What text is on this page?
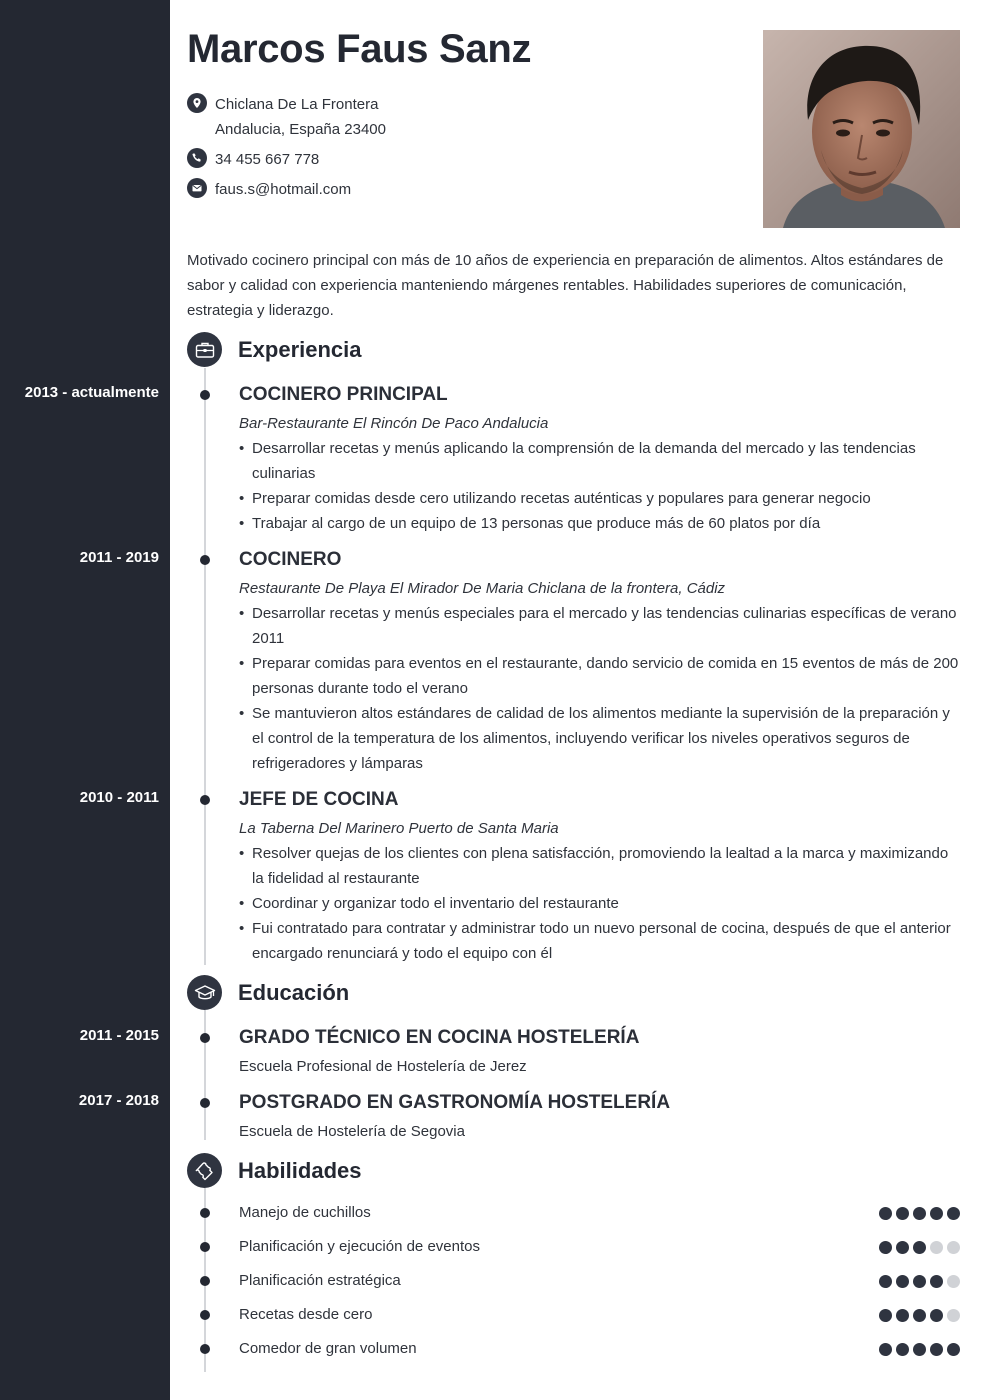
Marcos Faus Sanz
Chiclana De La Frontera
Andalucia, España 23400
34 455 667 778
faus.s@hotmail.com

Motivado cocinero principal con más de 10 años de experiencia en preparación de alimentos. Altos estándares de sabor y calidad con experiencia manteniendo márgenes rentables. Habilidades superiores de comunicación, estrategia y liderazgo.

Experiencia
2013 - actualmente	COCINERO PRINCIPAL
Bar-Restaurante El Rincón De Paco Andalucia
• Desarrollar recetas y menús aplicando la comprensión de la demanda del mercado y las tendencias culinarias
• Preparar comidas desde cero utilizando recetas auténticas y populares para generar negocio
• Trabajar al cargo de un equipo de 13 personas que produce más de 60 platos por día
2011 - 2019	COCINERO
Restaurante De Playa El Mirador De Maria Chiclana de la frontera, Cádiz
• Desarrollar recetas y menús especiales para el mercado y las tendencias culinarias específicas de verano 2011
• Preparar comidas para eventos en el restaurante, dando servicio de comida en 15 eventos de más de 200 personas durante todo el verano
• Se mantuvieron altos estándares de calidad de los alimentos mediante la supervisión de la preparación y el control de la temperatura de los alimentos, incluyendo verificar los niveles operativos seguros de refrigeradores y lámparas
2010 - 2011	JEFE DE COCINA
La Taberna Del Marinero Puerto de Santa Maria
• Resolver quejas de los clientes con plena satisfacción, promoviendo la lealtad a la marca y maximizando la fidelidad al restaurante
• Coordinar y organizar todo el inventario del restaurante
• Fui contratado para contratar y administrar todo un nuevo personal de cocina, después de que el anterior encargado renunciará y todo el equipo con él
Educación
2011 - 2015	GRADO TÉCNICO EN COCINA HOSTELERÍA
Escuela Profesional de Hostelería de Jerez
2017 - 2018	POSTGRADO EN GASTRONOMÍA HOSTELERÍA
Escuela de Hostelería de Segovia
Habilidades
Manejo de cuchillos
Planificación y ejecución de eventos
Planificación estratégica
Recetas desde cero
Comedor de gran volumen
